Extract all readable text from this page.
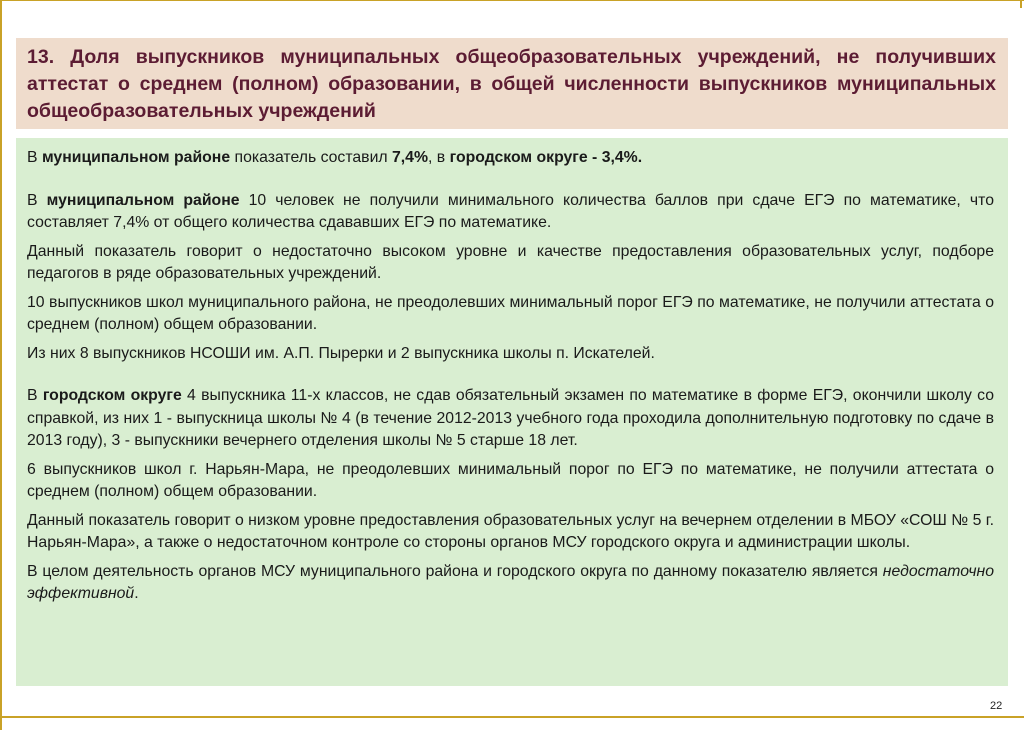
13. Доля выпускников муниципальных общеобразовательных учреждений, не получивших аттестат о среднем (полном) образовании, в общей численности выпускников муниципальных общеобразовательных учреждений

В муниципальном районе показатель составил 7,4%, в городском округе - 3,4%.

В муниципальном районе 10 человек не получили минимального количества баллов при сдаче ЕГЭ по математике, что составляет 7,4% от общего количества сдававших ЕГЭ по математике.

Данный показатель говорит о недостаточно высоком уровне и качестве предоставления образовательных услуг, подборе педагогов в ряде образовательных учреждений.

10 выпускников школ муниципального района, не преодолевших минимальный порог ЕГЭ по математике, не получили аттестата о среднем (полном) общем образовании.

Из них 8 выпускников НСОШИ им. А.П. Пырерки и 2 выпускника школы п. Искателей.

В городском округе 4 выпускника 11-х классов, не сдав обязательный экзамен по математике в форме ЕГЭ, окончили школу со справкой, из них 1 - выпускница школы № 4 (в течение 2012-2013 учебного года проходила дополнительную подготовку по сдаче в 2013 году), 3 - выпускники вечернего отделения школы № 5 старше 18 лет.

6 выпускников школ г. Нарьян-Мара, не преодолевших минимальный порог по ЕГЭ по математике, не получили аттестата о среднем (полном) общем образовании.

Данный показатель говорит о низком уровне предоставления образовательных услуг на вечернем отделении в МБОУ «СОШ № 5 г. Нарьян-Мара», а также о недостаточном контроле со стороны органов МСУ городского округа и администрации школы.

В целом деятельность органов МСУ муниципального района и городского округа по данному показателю является недостаточно эффективной.

22
